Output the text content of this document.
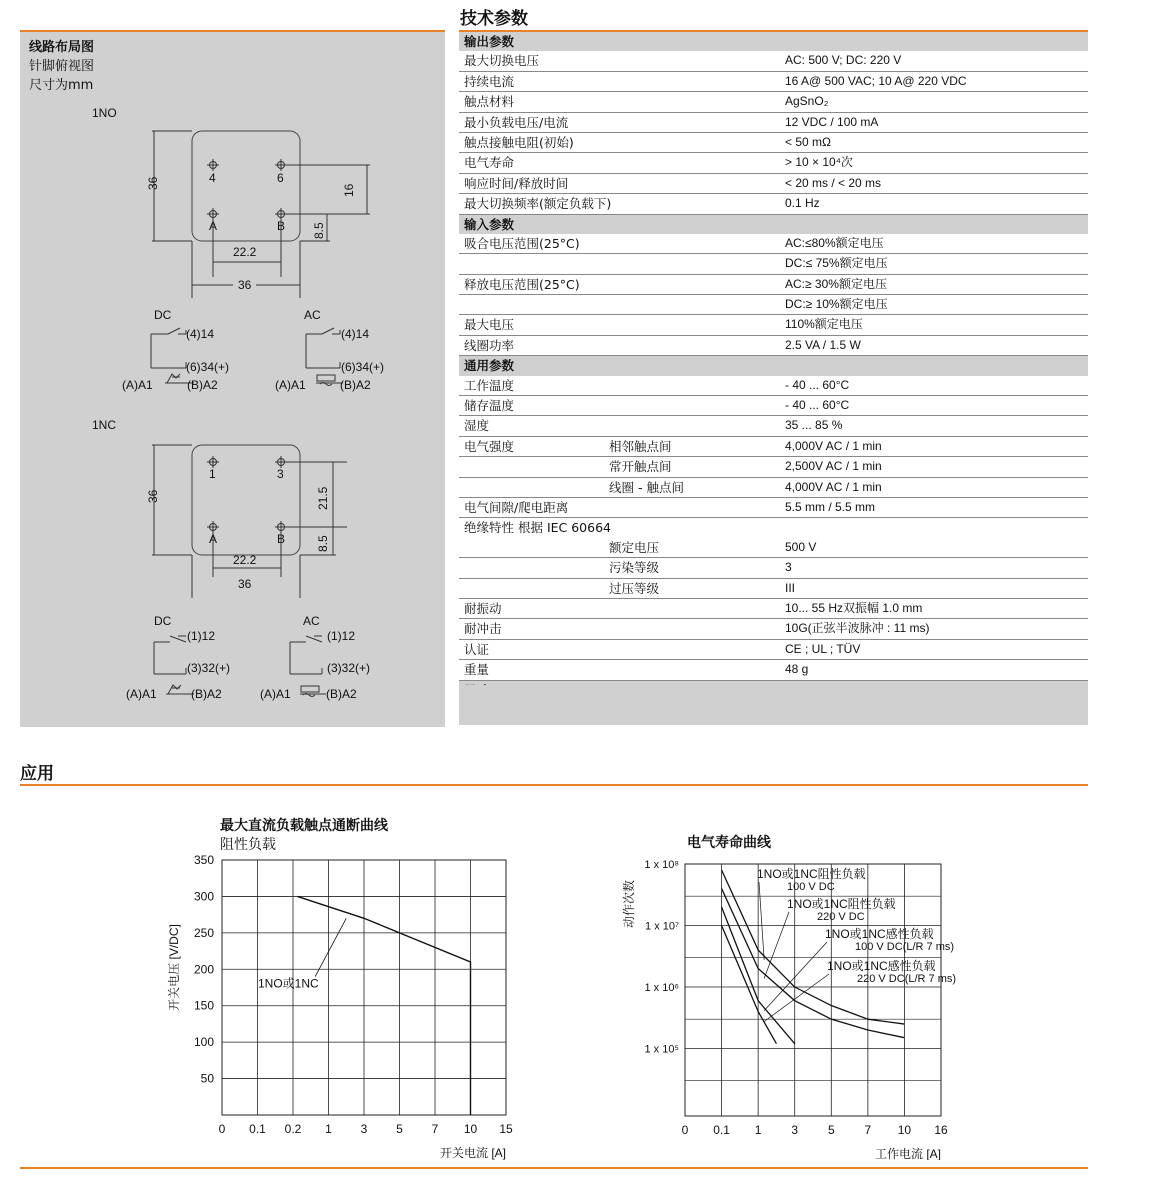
线路布局图
针脚俯视图
尺寸为mm
1NO
4	6
A	B
36
16
8.5
22.2
36
DC
(4)14
(6)34(+)
(A)A1	(B)A2
AC
(4)14
(6)34(+)
(A)A1	(B)A2
1NC
1	3
A	B
36	21.5
8.5
22.2
36
DC
(1)12
(3)32(+)
(A)A1	(B)A2
AC
(1)12
(3)32(+)
(A)A1	(B)A2
技术参数
输出参数
最大切换电压	AC: 500 V; DC: 220 V
持续电流	16 A@ 500 VAC; 10 A@ 220 VDC
触点材料	AgSnO₂
最小负载电压/电流	12 VDC / 100 mA
触点接触电阻(初始)	< 50 mΩ
电气寿命	> 10 × 10⁴次
响应时间/释放时间	< 20 ms / < 20 ms
最大切换频率(额定负载下)	0.1 Hz
输入参数
吸合电压范围(25°C)	AC:≤80%额定电压
DC:≤ 75%额定电压
释放电压范围(25°C)	AC:≥ 30%额定电压
DC:≥ 10%额定电压
最大电压	110%额定电压
线圈功率	2.5 VA / 1.5 W
通用参数
工作温度	- 40 ... 60°C
储存温度	- 40 ... 60°C
湿度	35 ... 85 %
电气强度	相邻触点间	4,000V AC / 1 min
常开触点间	2,500V AC / 1 min
线圈 - 触点间	4,000V AC / 1 min
电气间隙/爬电距离	5.5 mm / 5.5 mm
绝缘特性 根据 IEC 60664
额定电压	500 V
污染等级	3
过压等级	III
耐振动	10... 55 Hz双振幅 1.0 mm
耐冲击	10G(正弦半波脉冲 : 11 ms)
认证	CE ; UL ; TÜV
重量	48 g
应用
最大直流负载触点通断曲线
阻性负载
0 0.1 0.2 1 3 5 7 10 15
50
100
150
200
250
300
350
开关电流 [A]
开关电压 [V/DC]	1NO或1NC
电气寿命曲线
0 0.1 1 3 5 7 10 16
1 x 10⁵
1 x 10⁶
1 x 10⁷
1 x 10⁸
工作电流 [A]
动作次数
1NO或1NC阻性负载
100 V DC
1NO或1NC阻性负载
220 V DC
1NO或1NC感性负载
100 V DC(L/R 7 ms)
1NO或1NC感性负载
220 V DC(L/R 7 ms)
